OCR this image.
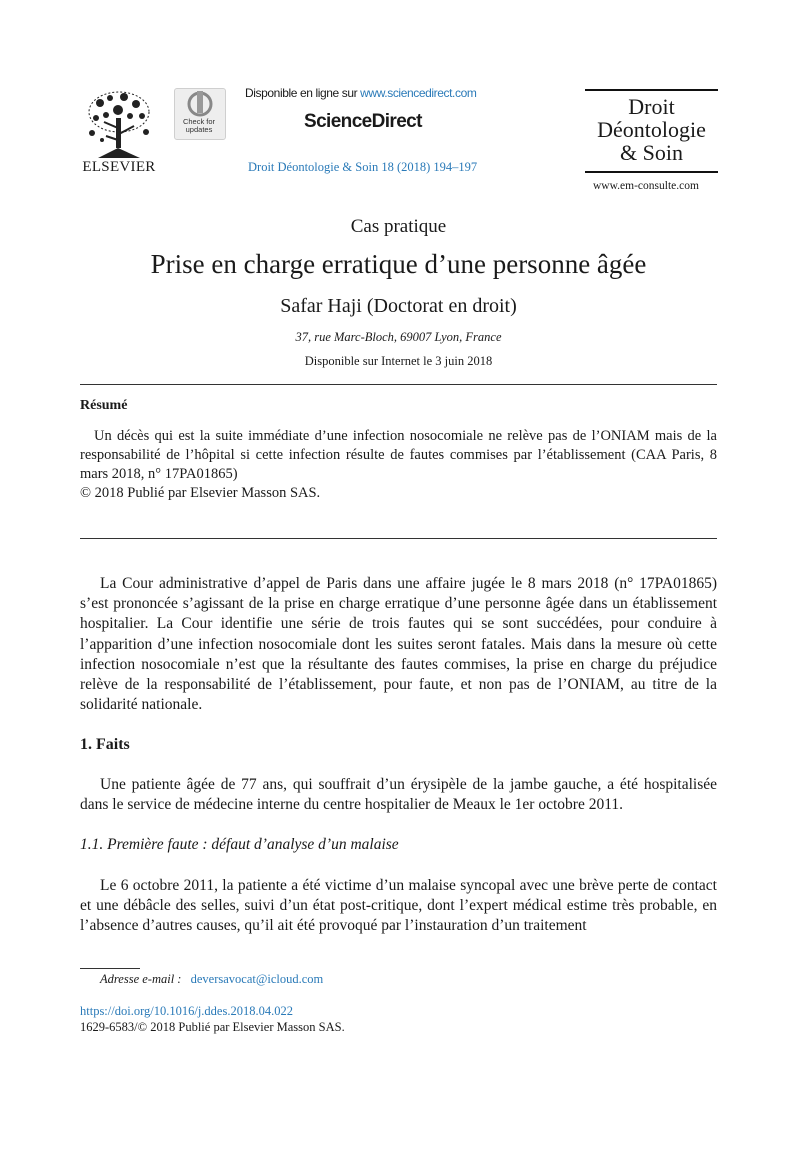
ELSEVIER
Check for updates
Disponible en ligne sur www.sciencedirect.com
ScienceDirect
Droit Déontologie & Soin 18 (2018) 194–197
Droit
Déontologie
& Soin
www.em-consulte.com
Cas pratique
Prise en charge erratique d’une personne âgée
Safar Haji (Doctorat en droit)
37, rue Marc-Bloch, 69007 Lyon, France
Disponible sur Internet le 3 juin 2018
Résumé
Un décès qui est la suite immédiate d’une infection nosocomiale ne relève pas de l’ONIAM mais de la responsabilité de l’hôpital si cette infection résulte de fautes commises par l’établissement (CAA Paris, 8 mars 2018, n° 17PA01865)
© 2018 Publié par Elsevier Masson SAS.
La Cour administrative d’appel de Paris dans une affaire jugée le 8 mars 2018 (n° 17PA01865) s’est prononcée s’agissant de la prise en charge erratique d’une personne âgée dans un établissement hospitalier. La Cour identifie une série de trois fautes qui se sont succédées, pour conduire à l’apparition d’une infection nosocomiale dont les suites seront fatales. Mais dans la mesure où cette infection nosocomiale n’est que la résultante des fautes commises, la prise en charge du préjudice relève de la responsabilité de l’établissement, pour faute, et non pas de l’ONIAM, au titre de la solidarité nationale.
1. Faits
Une patiente âgée de 77 ans, qui souffrait d’un érysipèle de la jambe gauche, a été hospitalisée dans le service de médecine interne du centre hospitalier de Meaux le 1er octobre 2011.
1.1. Première faute : défaut d’analyse d’un malaise
Le 6 octobre 2011, la patiente a été victime d’un malaise syncopal avec une brève perte de contact et une débâcle des selles, suivi d’un état post-critique, dont l’expert médical estime très probable, en l’absence d’autres causes, qu’il ait été provoqué par l’instauration d’un traitement
Adresse e-mail : deversavocat@icloud.com
https://doi.org/10.1016/j.ddes.2018.04.022
1629-6583/© 2018 Publié par Elsevier Masson SAS.
